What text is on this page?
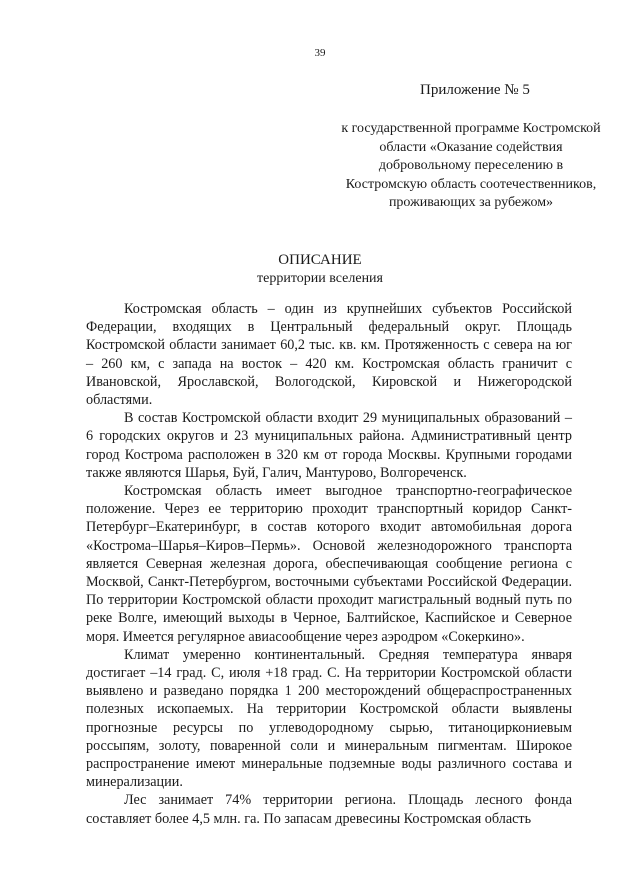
39
Приложение № 5
к государственной программе Костромской области «Оказание содействия добровольному переселению в Костромскую область соотечественников, проживающих за рубежом»
ОПИСАНИЕ
территории вселения

Костромская область – один из крупнейших субъектов Российской Федерации, входящих в Центральный федеральный округ. Площадь Костромской области занимает 60,2 тыс. кв. км. Протяженность с севера на юг – 260 км, с запада на восток – 420 км. Костромская область граничит с Ивановской, Ярославской, Вологодской, Кировской и Нижегородской областями.

В состав Костромской области входит 29 муниципальных образований – 6 городских округов и 23 муниципальных района. Административный центр город Кострома расположен в 320 км от города Москвы. Крупными городами также являются Шарья, Буй, Галич, Мантурово, Волгореченск.

Костромская область имеет выгодное транспортно-географическое положение. Через ее территорию проходит транспортный коридор Санкт-Петербург–Екатеринбург, в состав которого входит автомобильная дорога «Кострома–Шарья–Киров–Пермь». Основой железнодорожного транспорта является Северная железная дорога, обеспечивающая сообщение региона с Москвой, Санкт-Петербургом, восточными субъектами Российской Федерации. По территории Костромской области проходит магистральный водный путь по реке Волге, имеющий выходы в Черное, Балтийское, Каспийское и Северное моря. Имеется регулярное авиасообщение через аэродром «Сокеркино».

Климат умеренно континентальный. Средняя температура января достигает –14 град. С, июля +18 град. С. На территории Костромской области выявлено и разведано порядка 1 200 месторождений общераспространенных полезных ископаемых. На территории Костромской области выявлены прогнозные ресурсы по углеводородному сырью, титаноциркониевым россыпям, золоту, поваренной соли и минеральным пигментам. Широкое распространение имеют минеральные подземные воды различного состава и минерализации.

Лес занимает 74% территории региона. Площадь лесного фонда составляет более 4,5 млн. га. По запасам древесины Костромская область
